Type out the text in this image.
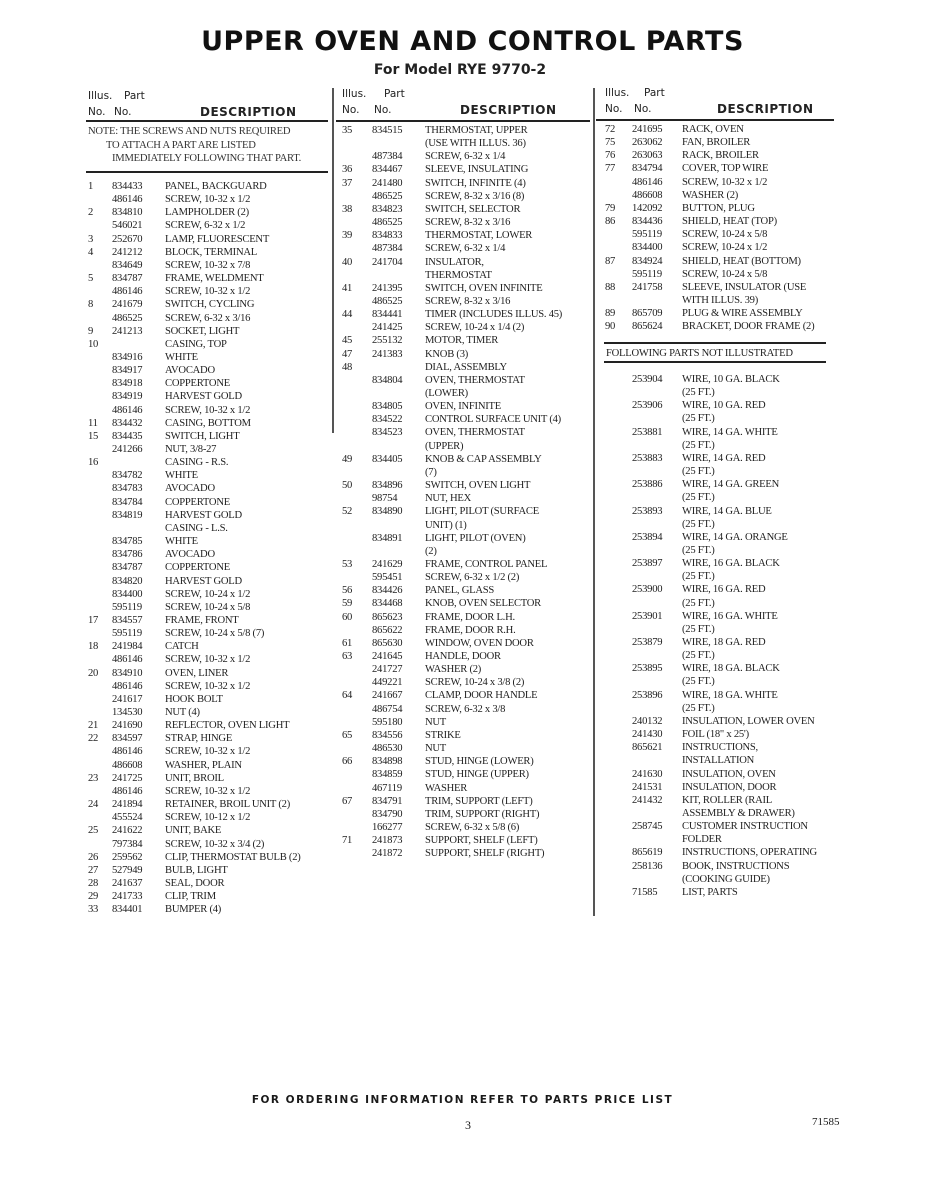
UPPER OVEN AND CONTROL PARTS
For Model RYE 9770-2
Illus. Part
No. No.	DESCRIPTION
1 834433 PANEL, BACKGUARD
486146 SCREW, 10-32 x 1/2
2 834810 LAMPHOLDER (2)
546021 SCREW, 6-32 x 1/2
3 252670 LAMP, FLUORESCENT
4 241212 BLOCK, TERMINAL
834649 SCREW, 10-32 x 7/8
5 834787 FRAME, WELDMENT
486146 SCREW, 10-32 x 1/2
8 241679 SWITCH, CYCLING
486525 SCREW, 6-32 x 3/16
9 241213 SOCKET, LIGHT
10	CASING, TOP
834916 WHITE
834917 AVOCADO
834918 COPPERTONE
834919 HARVEST GOLD
486146 SCREW, 10-32 x 1/2
11 834432 CASING, BOTTOM
15 834435 SWITCH, LIGHT
241266 NUT, 3/8-27
16	CASING - R.S.
834782 WHITE
834783 AVOCADO
834784 COPPERTONE
834819 HARVEST GOLD
CASING - L.S.
834785 WHITE
834786 AVOCADO
834787 COPPERTONE
834820 HARVEST GOLD
834400 SCREW, 10-24 x 1/2
595119 SCREW, 10-24 x 5/8
17 834557 FRAME, FRONT
595119 SCREW, 10-24 x 5/8 (7)
18 241984 CATCH
486146 SCREW, 10-32 x 1/2
20 834910 OVEN, LINER
486146 SCREW, 10-32 x 1/2
241617 HOOK BOLT
134530 NUT (4)
21 241690 REFLECTOR, OVEN LIGHT
22 834597 STRAP, HINGE
486146 SCREW, 10-32 x 1/2
486608 WASHER, PLAIN
23 241725 UNIT, BROIL
486146 SCREW, 10-32 x 1/2
24 241894 RETAINER, BROIL UNIT (2)
455524 SCREW, 10-12 x 1/2
25 241622 UNIT, BAKE
797384 SCREW, 10-32 x 3/4 (2)
26 259562 CLIP, THERMOSTAT BULB (2)
27 527949 BULB, LIGHT
28 241637 SEAL, DOOR
29 241733 CLIP, TRIM
33 834401 BUMPER (4)
Illus. Part
No. No.	DESCRIPTION
35 834515 THERMOSTAT, UPPER
(USE WITH ILLUS. 36)
487384 SCREW, 6-32 x 1/4
36 834467 SLEEVE, INSULATING
37 241480 SWITCH, INFINITE (4)
486525 SCREW, 8-32 x 3/16 (8)
38 834823 SWITCH, SELECTOR
486525 SCREW, 8-32 x 3/16
39 834833 THERMOSTAT, LOWER
487384 SCREW, 6-32 x 1/4
40 241704 INSULATOR,
THERMOSTAT
41 241395 SWITCH, OVEN INFINITE
486525 SCREW, 8-32 x 3/16
44 834441 TIMER (INCLUDES ILLUS. 45)
241425 SCREW, 10-24 x 1/4 (2)
45 255132 MOTOR, TIMER
47 241383 KNOB (3)
48	DIAL, ASSEMBLY
834804 OVEN, THERMOSTAT
(LOWER)
834805 OVEN, INFINITE
834522 CONTROL SURFACE UNIT (4)
834523 OVEN, THERMOSTAT
(UPPER)
49 834405 KNOB & CAP ASSEMBLY
(7)
50 834896 SWITCH, OVEN LIGHT
98754	NUT, HEX
52 834890 LIGHT, PILOT (SURFACE
UNIT) (1)
834891 LIGHT, PILOT (OVEN)
(2)
53 241629 FRAME, CONTROL PANEL
595451 SCREW, 6-32 x 1/2 (2)
56 834426 PANEL, GLASS
59 834468 KNOB, OVEN SELECTOR
60 865623 FRAME, DOOR L.H.
865622 FRAME, DOOR R.H.
61 865630 WINDOW, OVEN DOOR
63 241645 HANDLE, DOOR
241727 WASHER (2)
449221 SCREW, 10-24 x 3/8 (2)
64 241667 CLAMP, DOOR HANDLE
486754 SCREW, 6-32 x 3/8
595180 NUT
65 834556 STRIKE
486530 NUT
66 834898 STUD, HINGE (LOWER)
834859 STUD, HINGE (UPPER)
467119 WASHER
67 834791 TRIM, SUPPORT (LEFT)
834790 TRIM, SUPPORT (RIGHT)
166277 SCREW, 6-32 x 5/8 (6)
71 241873 SUPPORT, SHELF (LEFT)
241872 SUPPORT, SHELF (RIGHT)
Illus. Part
No. No.	DESCRIPTION
72 241695 RACK, OVEN
75 263062 FAN, BROILER
76 263063 RACK, BROILER
77 834794 COVER, TOP WIRE
486146 SCREW, 10-32 x 1/2
486608 WASHER (2)
79 142092 BUTTON, PLUG
86 834436 SHIELD, HEAT (TOP)
595119 SCREW, 10-24 x 5/8
834400 SCREW, 10-24 x 1/2
87 834924 SHIELD, HEAT (BOTTOM)
595119 SCREW, 10-24 x 5/8
88 241758 SLEEVE, INSULATOR (USE
WITH ILLUS. 39)
89 865709 PLUG & WIRE ASSEMBLY
90 865624 BRACKET, DOOR FRAME (2)
NOTE: THE SCREWS AND NUTS REQUIRED
TO ATTACH A PART ARE LISTED
IMMEDIATELY FOLLOWING THAT PART.
FOLLOWING PARTS NOT ILLUSTRATED
253904 WIRE, 10 GA. BLACK
(25 FT.)
253906 WIRE, 10 GA. RED
(25 FT.)
253881 WIRE, 14 GA. WHITE
(25 FT.)
253883 WIRE, 14 GA. RED
(25 FT.)
253886 WIRE, 14 GA. GREEN
(25 FT.)
253893 WIRE, 14 GA. BLUE
(25 FT.)
253894 WIRE, 14 GA. ORANGE
(25 FT.)
253897 WIRE, 16 GA. BLACK
(25 FT.)
253900 WIRE, 16 GA. RED
(25 FT.)
253901 WIRE, 16 GA. WHITE
(25 FT.)
253879 WIRE, 18 GA. RED
(25 FT.)
253895 WIRE, 18 GA. BLACK
(25 FT.)
253896 WIRE, 18 GA. WHITE
(25 FT.)
240132 INSULATION, LOWER OVEN
241430 FOIL (18" x 25')
865621 INSTRUCTIONS,
INSTALLATION
241630 INSULATION, OVEN
241531 INSULATION, DOOR
241432 KIT, ROLLER (RAIL
ASSEMBLY & DRAWER)
258745 CUSTOMER INSTRUCTION
FOLDER
865619 INSTRUCTIONS, OPERATING
258136 BOOK, INSTRUCTIONS
(COOKING GUIDE)
71585 LIST, PARTS
FOR ORDERING INFORMATION REFER TO PARTS PRICE LIST
3	71585
